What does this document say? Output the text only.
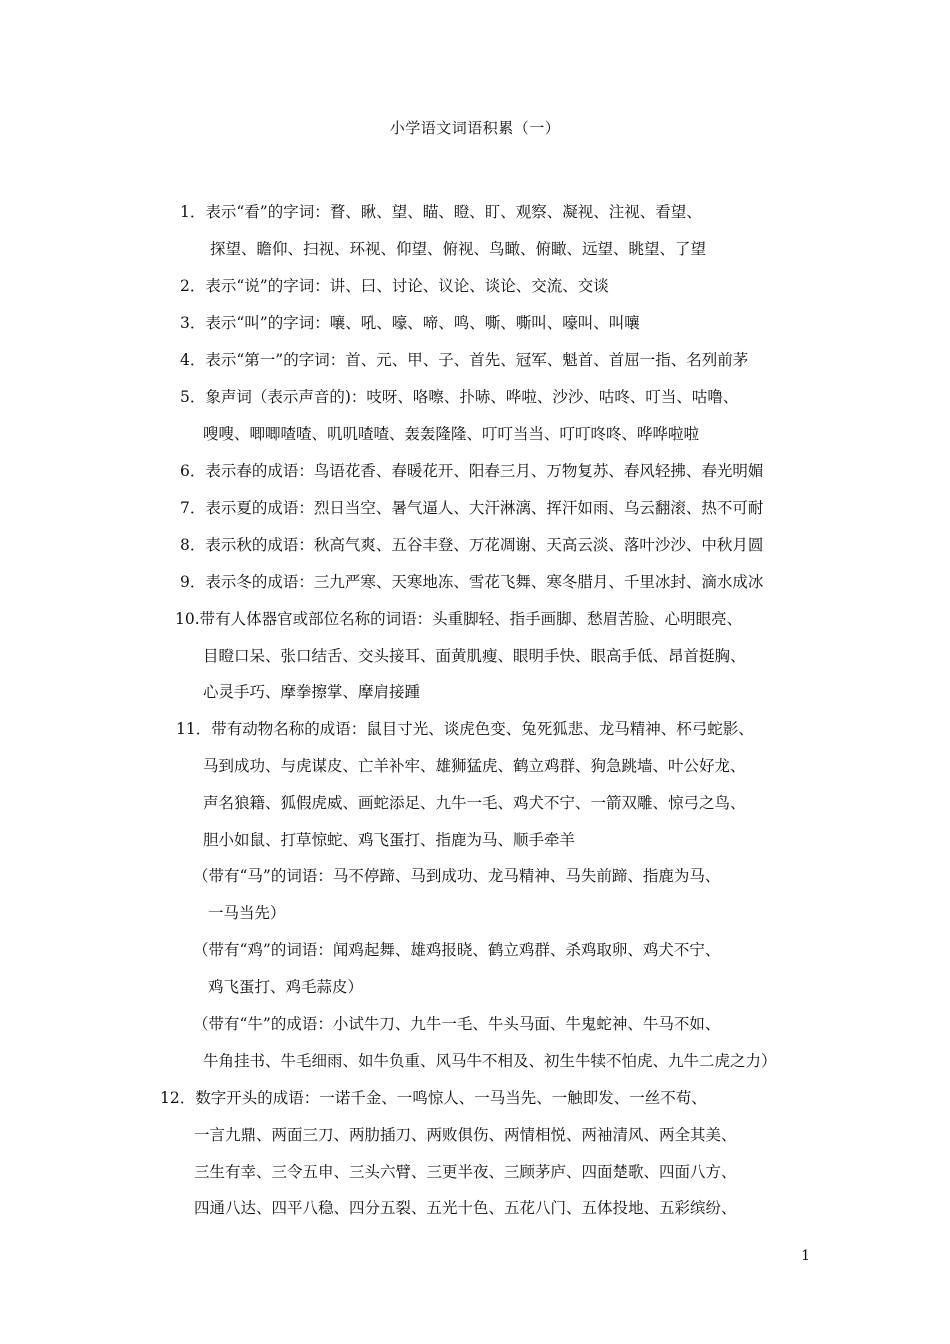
小学语文词语积累（一）
1．表示“看”的字词：瞀、瞅、望、瞄、瞪、盯、观察、凝视、注视、看望、
探望、瞻仰、扫视、环视、仰望、俯视、鸟瞰、俯瞰、远望、眺望、了望
2．表示“说”的字词：讲、曰、讨论、议论、谈论、交流、交谈
3．表示“叫”的字词：嚷、吼、嚎、啼、鸣、嘶、嘶叫、嚎叫、叫嚷
4．表示“第一”的字词：首、元、甲、子、首先、冠军、魁首、首屈一指、名列前茅
5．象声词（表示声音的)：吱呀、咯嚓、扑哧、哗啦、沙沙、咕咚、叮当、咕噜、
嗖嗖、唧唧喳喳、叽叽喳喳、轰轰隆隆、叮叮当当、叮叮咚咚、哗哗啦啦
6．表示春的成语：鸟语花香、春暖花开、阳春三月、万物复苏、春风轻拂、春光明媚
7．表示夏的成语：烈日当空、暑气逼人、大汗淋漓、挥汗如雨、乌云翻滚、热不可耐
8．表示秋的成语：秋高气爽、五谷丰登、万花凋谢、天高云淡、落叶沙沙、中秋月圆
9．表示冬的成语：三九严寒、天寒地冻、雪花飞舞、寒冬腊月、千里冰封、滴水成冰
10.带有人体器官或部位名称的词语：头重脚轻、指手画脚、愁眉苦脸、心明眼亮、
目瞪口呆、张口结舌、交头接耳、面黄肌瘦、眼明手快、眼高手低、昂首挺胸、
心灵手巧、摩拳擦掌、摩肩接踵
11．带有动物名称的成语：鼠目寸光、谈虎色变、兔死狐悲、龙马精神、杯弓蛇影、
马到成功、与虎谋皮、亡羊补牢、雄狮猛虎、鹤立鸡群、狗急跳墙、叶公好龙、
声名狼籍、狐假虎威、画蛇添足、九牛一毛、鸡犬不宁、一箭双雕、惊弓之鸟、
胆小如鼠、打草惊蛇、鸡飞蛋打、指鹿为马、顺手牵羊
（带有“马”的词语：马不停蹄、马到成功、龙马精神、马失前蹄、指鹿为马、
一马当先）
（带有“鸡”的词语：闻鸡起舞、雄鸡报晓、鹤立鸡群、杀鸡取卵、鸡犬不宁、
鸡飞蛋打、鸡毛蒜皮）
（带有“牛”的成语：小试牛刀、九牛一毛、牛头马面、牛鬼蛇神、牛马不如、
牛角挂书、牛毛细雨、如牛负重、风马牛不相及、初生牛犊不怕虎、九牛二虎之力）
12．数字开头的成语：一诺千金、一鸣惊人、一马当先、一触即发、一丝不苟、
一言九鼎、两面三刀、两肋插刀、两败俱伤、两情相悦、两袖清风、两全其美、
三生有幸、三令五申、三头六臂、三更半夜、三顾茅庐、四面楚歌、四面八方、
四通八达、四平八稳、四分五裂、五光十色、五花八门、五体投地、五彩缤纷、
1
